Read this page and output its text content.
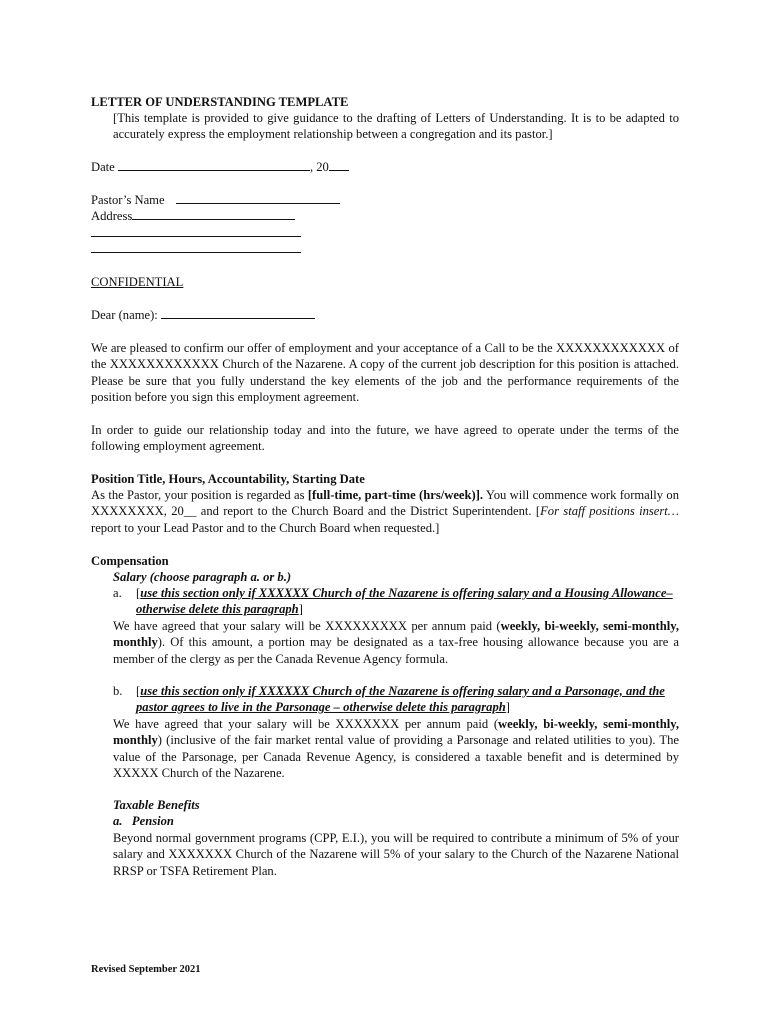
LETTER OF UNDERSTANDING TEMPLATE
[This template is provided to give guidance to the drafting of Letters of Understanding. It is to be adapted to accurately express the employment relationship between a congregation and its pastor.]
Date	, 20
Pastor’s Name
Address
CONFIDENTIAL
Dear (name):
We are pleased to confirm our offer of employment and your acceptance of a Call to be the XXXXXXXXXXXX of the XXXXXXXXXXXX Church of the Nazarene. A copy of the current job description for this position is attached. Please be sure that you fully understand the key elements of the job and the performance requirements of the position before you sign this employment agreement.
In order to guide our relationship today and into the future, we have agreed to operate under the terms of the following employment agreement.
Position Title, Hours, Accountability, Starting Date
As the Pastor, your position is regarded as [full-time, part-time (hrs/week)]. You will commence work formally on XXXXXXXX, 20__ and report to the Church Board and the District Superintendent. [For staff positions insert… report to your Lead Pastor and to the Church Board when requested.]
Compensation
Salary (choose paragraph a. or b.)
a.	[use this section only if XXXXXX Church of the Nazarene is offering salary and a Housing Allowance– otherwise delete this paragraph]
We have agreed that your salary will be XXXXXXXXX per annum paid (weekly, bi-weekly, semi-monthly, monthly). Of this amount, a portion may be designated as a tax-free housing allowance because you are a member of the clergy as per the Canada Revenue Agency formula.
b.	[use this section only if XXXXXX Church of the Nazarene is offering salary and a Parsonage, and the pastor agrees to live in the Parsonage – otherwise delete this paragraph]
We have agreed that your salary will be XXXXXXX per annum paid (weekly, bi-weekly, semi-monthly, monthly) (inclusive of the fair market rental value of providing a Parsonage and related utilities to you). The value of the Parsonage, per Canada Revenue Agency, is considered a taxable benefit and is determined by XXXXX Church of the Nazarene.
Taxable Benefits
a. Pension
Beyond normal government programs (CPP, E.I.), you will be required to contribute a minimum of 5% of your salary and XXXXXXX Church of the Nazarene will 5% of your salary to the Church of the Nazarene National RRSP or TSFA Retirement Plan.
Revised September 2021
